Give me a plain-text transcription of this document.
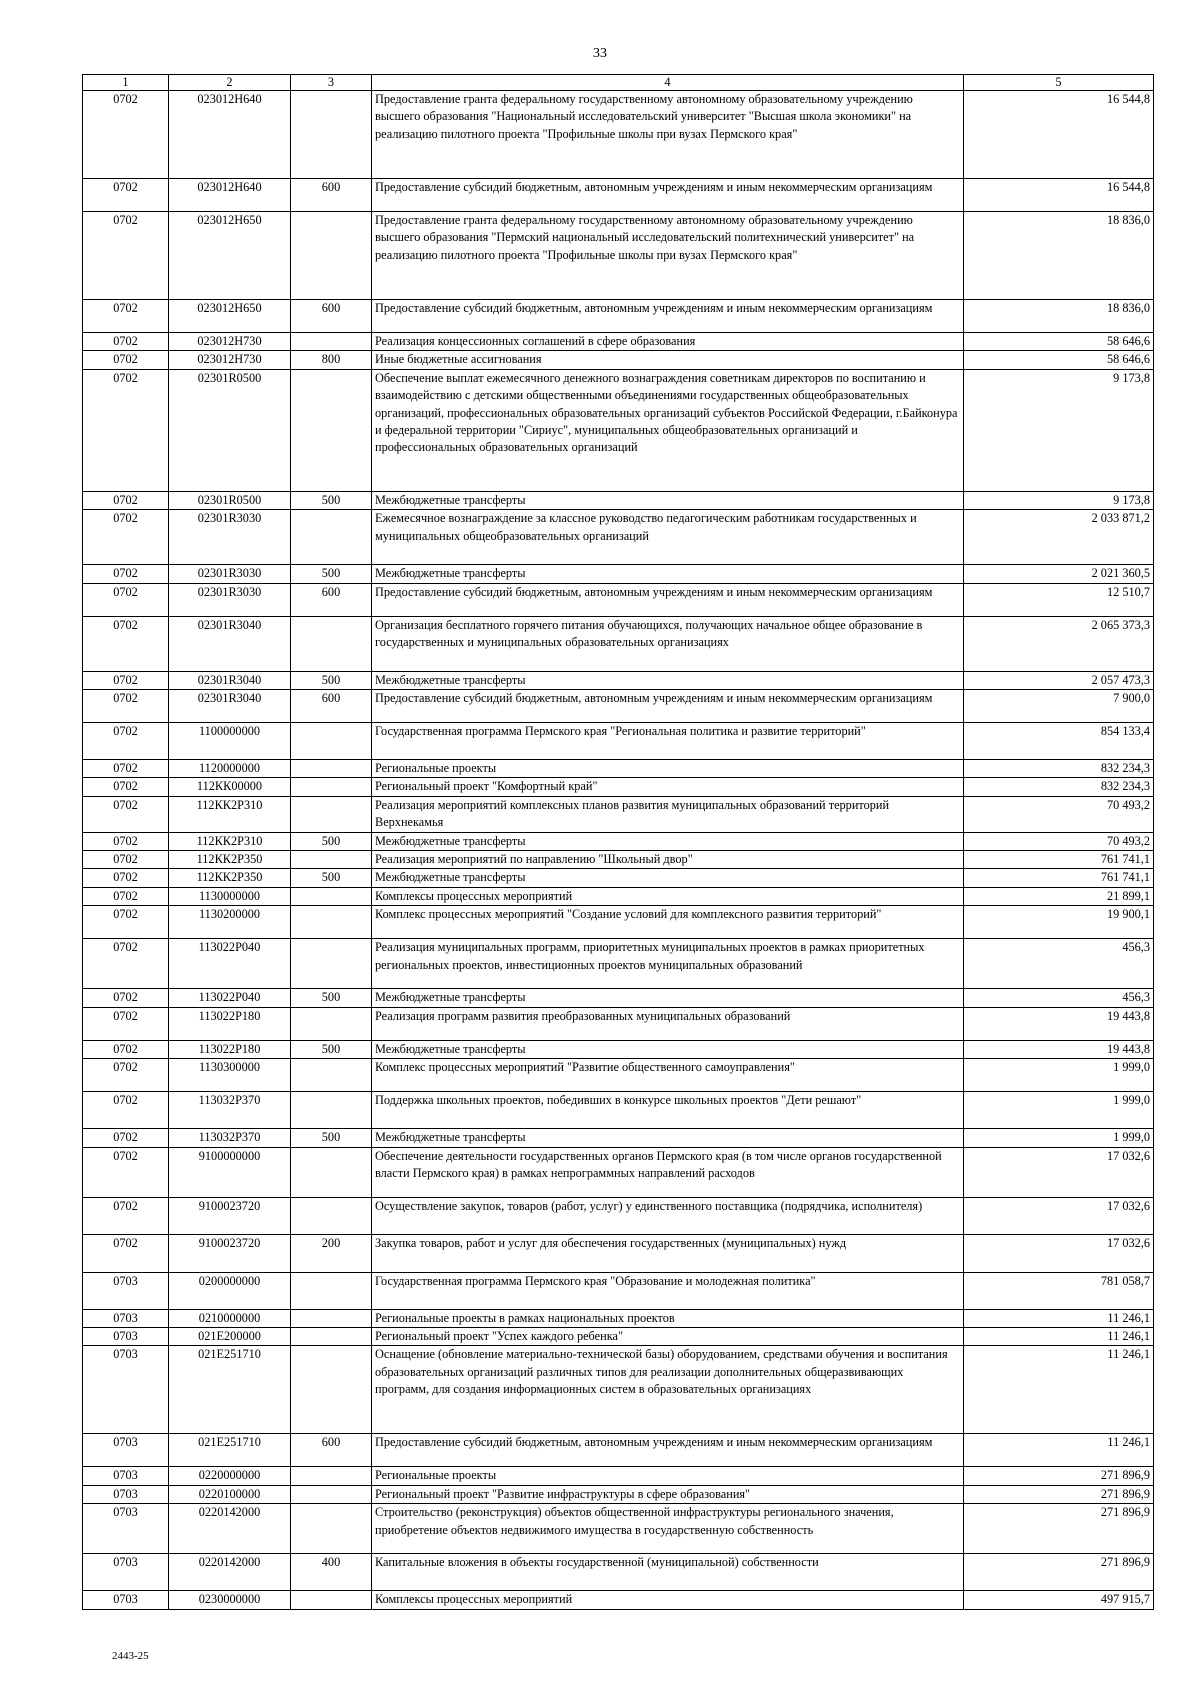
33
1	2	3	4	5
0702	023012Н640		Предоставление гранта федеральному государственному автономному образовательному учреждению высшего образования "Национальный исследовательский университет "Высшая школа экономики" на реализацию пилотного проекта "Профильные школы при вузах Пермского края"	16 544,8
0702	023012Н640	600	Предоставление субсидий бюджетным, автономным учреждениям и иным некоммерческим организациям	16 544,8
0702	023012Н650		Предоставление гранта федеральному государственному автономному образовательному учреждению высшего образования "Пермский национальный исследовательский политехнический университет" на реализацию пилотного проекта "Профильные школы при вузах Пермского края"	18 836,0
0702	023012Н650	600	Предоставление субсидий бюджетным, автономным учреждениям и иным некоммерческим организациям	18 836,0
0702	023012Н730		Реализация концессионных соглашений в сфере образования	58 646,6
0702	023012Н730	800	Иные бюджетные ассигнования	58 646,6
0702	02301R0500		Обеспечение выплат ежемесячного денежного вознаграждения советникам директоров по воспитанию и взаимодействию с детскими общественными объединениями государственных общеобразовательных организаций, профессиональных образовательных организаций субъектов Российской Федерации, г.Байконура и федеральной территории "Сириус", муниципальных общеобразовательных организаций и профессиональных образовательных организаций	9 173,8
0702	02301R0500	500	Межбюджетные трансферты	9 173,8
0702	02301R3030		Ежемесячное вознаграждение за классное руководство педагогическим работникам государственных и муниципальных общеобразовательных организаций	2 033 871,2
0702	02301R3030	500	Межбюджетные трансферты	2 021 360,5
0702	02301R3030	600	Предоставление субсидий бюджетным, автономным учреждениям и иным некоммерческим организациям	12 510,7
0702	02301R3040		Организация бесплатного горячего питания обучающихся, получающих начальное общее образование в государственных и муниципальных образовательных организациях	2 065 373,3
0702	02301R3040	500	Межбюджетные трансферты	2 057 473,3
0702	02301R3040	600	Предоставление субсидий бюджетным, автономным учреждениям и иным некоммерческим организациям	7 900,0
0702	1100000000		Государственная программа Пермского края "Региональная политика и развитие территорий"	854 133,4
0702	1120000000		Региональные проекты	832 234,3
0702	112КК00000		Региональный проект "Комфортный край"	832 234,3
0702	112КК2Р310		Реализация мероприятий комплексных планов развития муниципальных образований территорий Верхнекамья	70 493,2
0702	112КК2Р310	500	Межбюджетные трансферты	70 493,2
0702	112КК2Р350		Реализация мероприятий по направлению "Школьный двор"	761 741,1
0702	112КК2Р350	500	Межбюджетные трансферты	761 741,1
0702	1130000000		Комплексы процессных мероприятий	21 899,1
0702	1130200000		Комплекс процессных мероприятий "Создание условий для комплексного развития территорий"	19 900,1
0702	113022Р040		Реализация муниципальных программ, приоритетных муниципальных проектов в рамках приоритетных региональных проектов, инвестиционных проектов муниципальных образований	456,3
0702	113022Р040	500	Межбюджетные трансферты	456,3
0702	113022Р180		Реализация программ развития преобразованных муниципальных образований	19 443,8
0702	113022Р180	500	Межбюджетные трансферты	19 443,8
0702	1130300000		Комплекс процессных мероприятий "Развитие общественного самоуправления"	1 999,0
0702	113032Р370		Поддержка школьных проектов, победивших в конкурсе школьных проектов "Дети решают"	1 999,0
0702	113032Р370	500	Межбюджетные трансферты	1 999,0
0702	9100000000		Обеспечение деятельности государственных органов Пермского края (в том числе органов государственной власти Пермского края) в рамках непрограммных направлений расходов	17 032,6
0702	9100023720		Осуществление закупок, товаров (работ, услуг) у единственного поставщика (подрядчика, исполнителя)	17 032,6
0702	9100023720	200	Закупка товаров, работ и услуг для обеспечения государственных (муниципальных) нужд	17 032,6
0703	0200000000		Государственная программа Пермского края "Образование и молодежная политика"	781 058,7
0703	0210000000		Региональные проекты в рамках национальных проектов	11 246,1
0703	021Е200000		Региональный проект "Успех каждого ребенка"	11 246,1
0703	021Е251710		Оснащение (обновление материально-технической базы) оборудованием, средствами обучения и воспитания образовательных организаций различных типов для реализации дополнительных общеразвивающих программ, для создания информационных систем в образовательных организациях	11 246,1
0703	021Е251710	600	Предоставление субсидий бюджетным, автономным учреждениям и иным некоммерческим организациям	11 246,1
0703	0220000000		Региональные проекты	271 896,9
0703	0220100000		Региональный проект "Развитие инфраструктуры в сфере образования"	271 896,9
0703	0220142000		Строительство (реконструкция) объектов общественной инфраструктуры регионального значения, приобретение объектов недвижимого имущества в государственную собственность	271 896,9
0703	0220142000	400	Капитальные вложения в объекты государственной (муниципальной) собственности	271 896,9
0703	0230000000		Комплексы процессных мероприятий	497 915,7
2443-25
